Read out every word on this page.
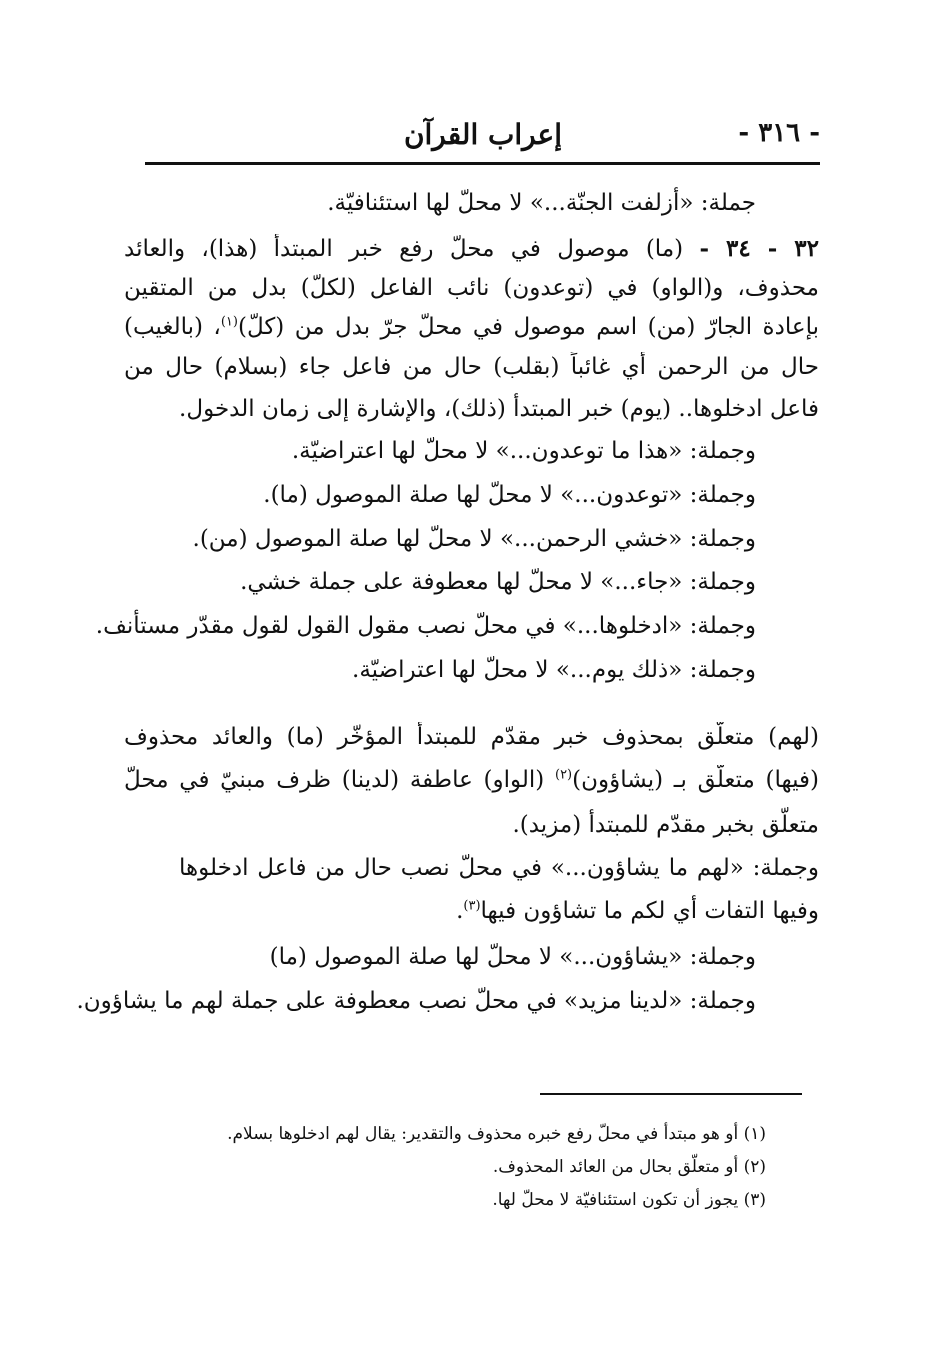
- ٣١٦ -
إعراب القرآن
جملة: «أزلفت الجنّة...» لا محلّ لها استئنافيّة.
٣٢ - ٣٤ - (ما) موصول في محلّ رفع خبر المبتدأ (هذا)، والعائد
محذوف، و(الواو) في (توعدون) نائب الفاعل (لكلّ) بدل من المتقين
بإعادة الجارّ (من) اسم موصول في محلّ جرّ بدل من (كلّ)$^{(١)}$، (بالغيب)
حال من الرحمن أي غائباً (بقلب) حال من فاعل جاء (بسلام) حال من
فاعل ادخلوها.. (يوم) خبر المبتدأ (ذلك)، والإشارة إلى زمان الدخول.
وجملة: «هذا ما توعدون...» لا محلّ لها اعتراضيّة.
وجملة: «توعدون...» لا محلّ لها صلة الموصول (ما).
وجملة: «خشي الرحمن...» لا محلّ لها صلة الموصول (من).
وجملة: «جاء...» لا محلّ لها معطوفة على جملة خشي.
وجملة: «ادخلوها...» في محلّ نصب مقول القول لقول مقدّر مستأنف.
وجملة: «ذلك يوم...» لا محلّ لها اعتراضيّة.
(لهم) متعلّق بمحذوف خبر مقدّم للمبتدأ المؤخّر (ما) والعائد محذوف
(فيها) متعلّق بـ (يشاؤون)$^{(٢)}$ (الواو) عاطفة (لدينا) ظرف مبنيّ في محلّ
متعلّق بخبر مقدّم للمبتدأ (مزيد).
وجملة: «لهم ما يشاؤون...» في محلّ نصب حال من فاعل ادخلوها
وفيها التفات أي لكم ما تشاؤون فيها$^{(٣)}$.
وجملة: «يشاؤون...» لا محلّ لها صلة الموصول (ما)
وجملة: «لدينا مزيد» في محلّ نصب معطوفة على جملة لهم ما يشاؤون.
(١) أو هو مبتدأ في محلّ رفع خبره محذوف والتقدير: يقال لهم ادخلوها بسلام.
(٢) أو متعلّق بحال من العائد المحذوف.
(٣) يجوز أن تكون استئنافيّة لا محلّ لها.
